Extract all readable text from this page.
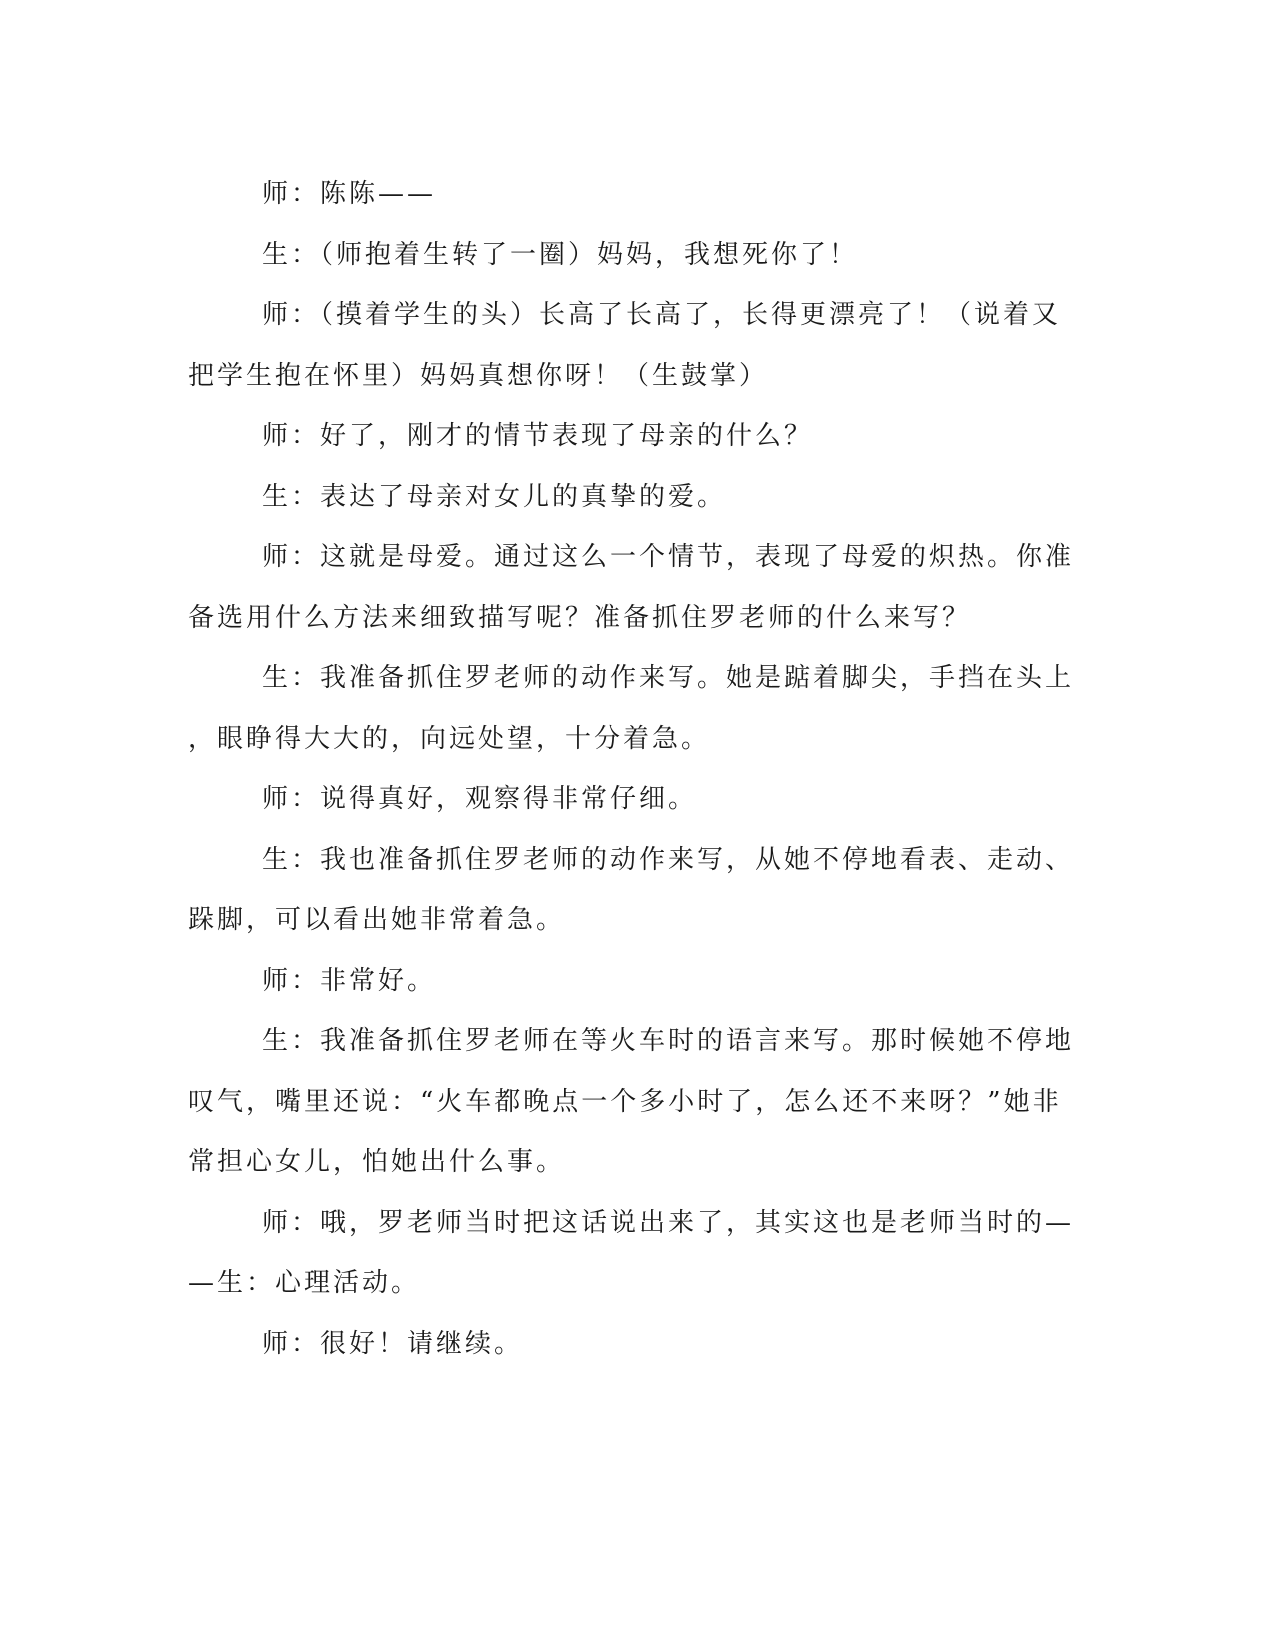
师：陈陈——
生：（师抱着生转了一圈）妈妈，我想死你了！
师：（摸着学生的头）长高了长高了，长得更漂亮了！（说着又
把学生抱在怀里）妈妈真想你呀！（生鼓掌）
师：好了，刚才的情节表现了母亲的什么？
生：表达了母亲对女儿的真挚的爱。
师：这就是母爱。通过这么一个情节，表现了母爱的炽热。你准
备选用什么方法来细致描写呢？准备抓住罗老师的什么来写？
生：我准备抓住罗老师的动作来写。她是踮着脚尖，手挡在头上
，眼睁得大大的，向远处望，十分着急。
师：说得真好，观察得非常仔细。
生：我也准备抓住罗老师的动作来写，从她不停地看表、走动、
跺脚，可以看出她非常着急。
师：非常好。
生：我准备抓住罗老师在等火车时的语言来写。那时候她不停地
叹气，嘴里还说：“火车都晚点一个多小时了，怎么还不来呀？”她非
常担心女儿，怕她出什么事。
师：哦，罗老师当时把这话说出来了，其实这也是老师当时的—
—生：心理活动。
师：很好！请继续。
